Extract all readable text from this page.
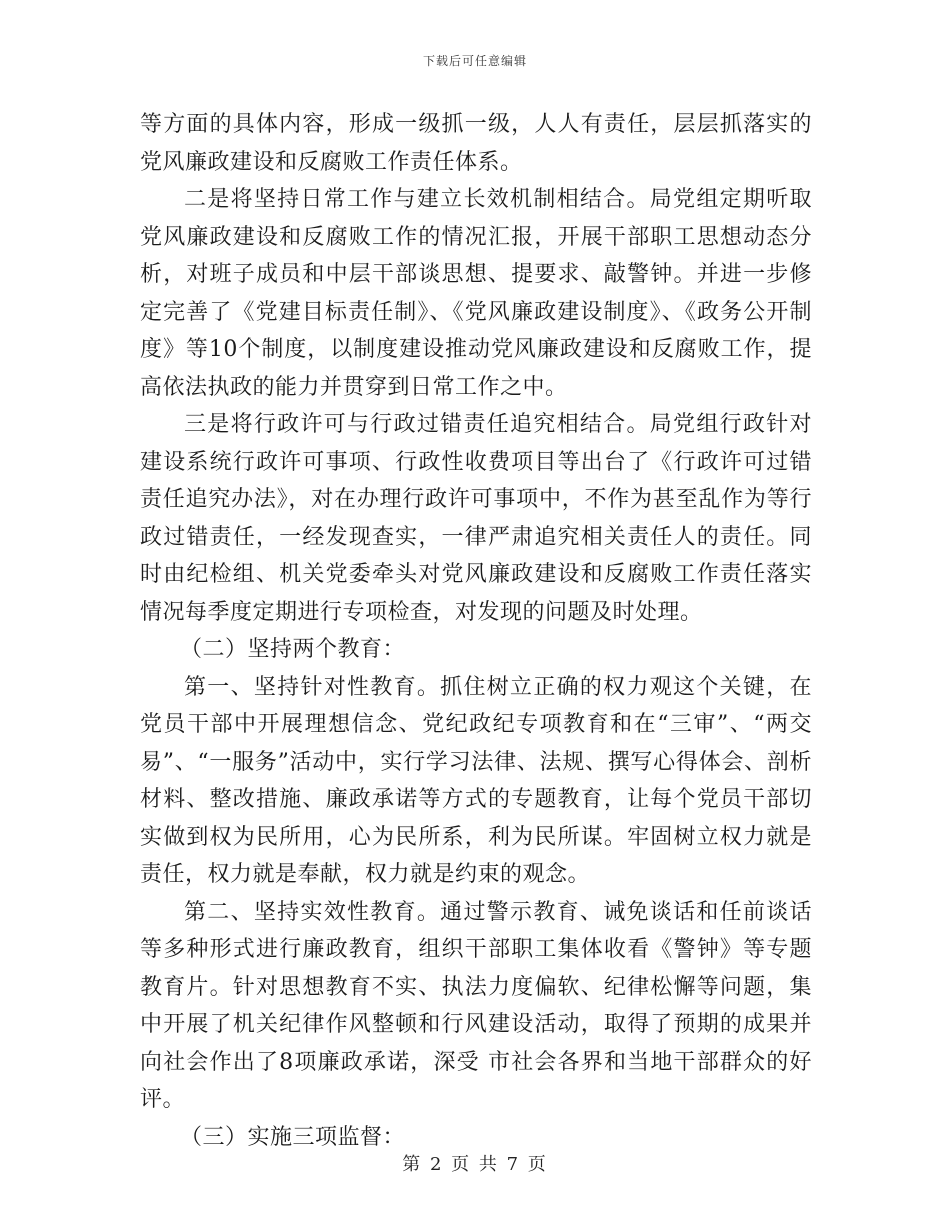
下载后可任意编辑

等方面的具体内容，形成一级抓一级，人人有责任，层层抓落实的党风廉政建设和反腐败工作责任体系。

二是将坚持日常工作与建立长效机制相结合。局党组定期听取党风廉政建设和反腐败工作的情况汇报，开展干部职工思想动态分析，对班子成员和中层干部谈思想、提要求、敲警钟。并进一步修定完善了《党建目标责任制》、《党风廉政建设制度》、《政务公开制度》等10个制度，以制度建设推动党风廉政建设和反腐败工作，提高依法执政的能力并贯穿到日常工作之中。

三是将行政许可与行政过错责任追究相结合。局党组行政针对建设系统行政许可事项、行政性收费项目等出台了《行政许可过错责任追究办法》，对在办理行政许可事项中，不作为甚至乱作为等行政过错责任，一经发现查实，一律严肃追究相关责任人的责任。同时由纪检组、机关党委牵头对党风廉政建设和反腐败工作责任落实情况每季度定期进行专项检查，对发现的问题及时处理。

（二）坚持两个教育：

第一、坚持针对性教育。抓住树立正确的权力观这个关键，在党员干部中开展理想信念、党纪政纪专项教育和在“三审”、“两交易”、“一服务”活动中，实行学习法律、法规、撰写心得体会、剖析材料、整改措施、廉政承诺等方式的专题教育，让每个党员干部切实做到权为民所用，心为民所系，利为民所谋。牢固树立权力就是责任，权力就是奉献，权力就是约束的观念。

第二、坚持实效性教育。通过警示教育、诫免谈话和任前谈话等多种形式进行廉政教育，组织干部职工集体收看《警钟》等专题教育片。针对思想教育不实、执法力度偏软、纪律松懈等问题，集中开展了机关纪律作风整顿和行风建设活动，取得了预期的成果并向社会作出了8项廉政承诺，深受 市社会各界和当地干部群众的好评。

（三）实施三项监督：

第 2 页 共 7 页
